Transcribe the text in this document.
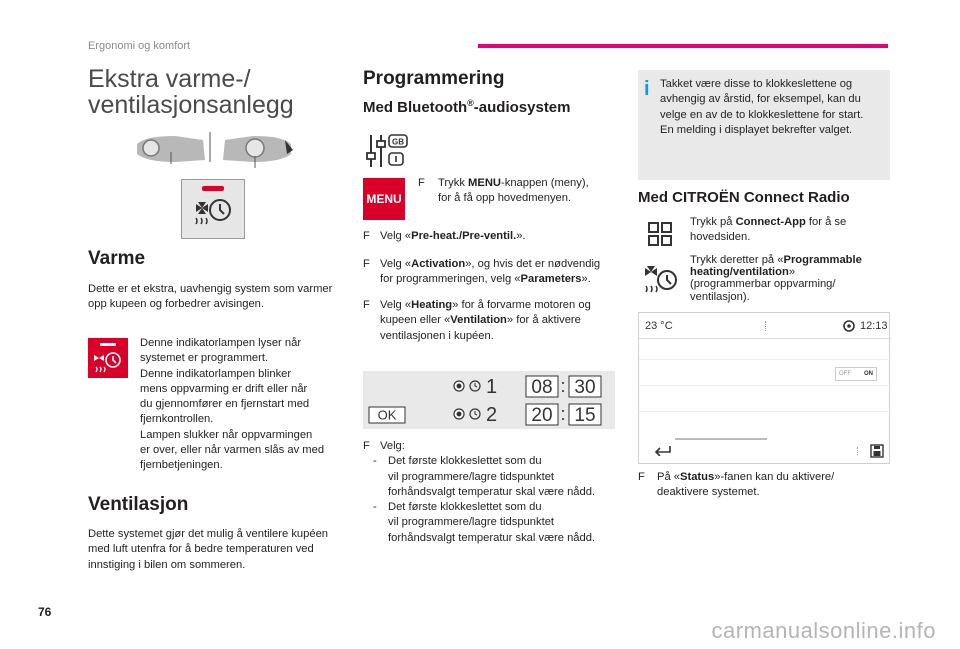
Ergonomi og komfort
Ekstra varme-/
ventilasjonsanlegg
Varme
Dette er et ekstra, uavhengig system som varmer opp kupeen og forbedrer avisingen.
Denne indikatorlampen lyser når
systemet er programmert.
Denne indikatorlampen blinker
mens oppvarming er drift eller når
du gjennomfører en fjernstart med
fjernkontrollen.
Lampen slukker når oppvarmingen
er over, eller når varmen slås av med
fjernbetjeningen.
Ventilasjon
Dette systemet gjør det mulig å ventilere kupéen
med luft utenfra for å bedre temperaturen ved
innstiging i bilen om sommeren.
Programmering
Med Bluetooth®-audiosystem
GB
MENU
F Trykk MENU-knappen (meny),
for å få opp hovedmenyen.
F Velg «Pre-heat./Pre-ventil.».
F Velg «Activation», og hvis det er nødvendig
for programmeringen, velg «Parameters».
F Velg «Heating» for å forvarme motoren og
kupeen eller «Ventilation» for å aktivere
ventilasjonen i kupéen.
OK
1 08 : 30
2 20 : 15
F Velg:
- Det første klokkeslettet som du
vil programmere/lagre tidspunktet
forhåndsvalgt temperatur skal være nådd.
- Det første klokkeslettet som du
vil programmere/lagre tidspunktet
forhåndsvalgt temperatur skal være nådd.
i Takket være disse to klokkeslettene og
avhengig av årstid, for eksempel, kan du
velge en av de to klokkeslettene for start.
En melding i displayet bekrefter valget.
Med CITROËN Connect Radio
Trykk på Connect-App for å se
hovedsiden.
Trykk deretter på «Programmable
heating/ventilation»
(programmerbar oppvarming/
ventilasjon).
23 °C	12:13
OFF ON
F På «Status»-fanen kan du aktivere/
deaktivere systemet.
76
carmanualsonline.info
